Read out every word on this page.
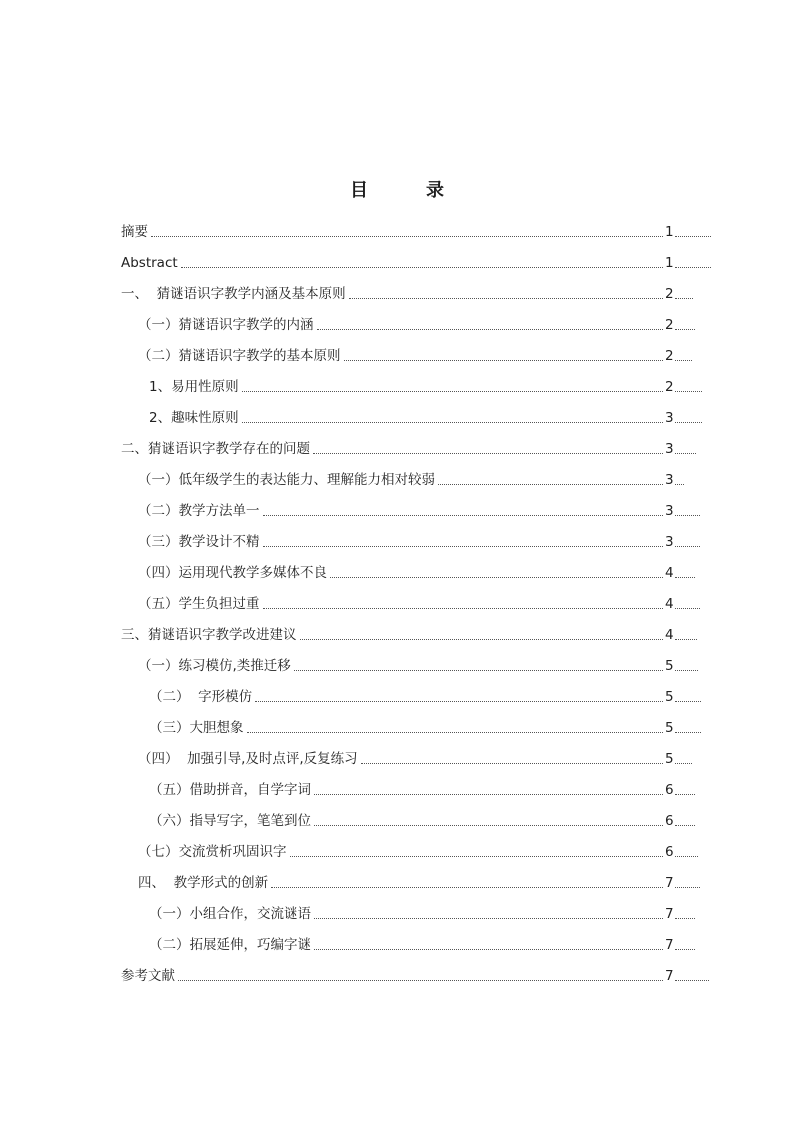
目　录
摘要	1
Abstract	1
一、  猜谜语识字教学内涵及基本原则	2
（一）猜谜语识字教学的内涵	2
（二）猜谜语识字教学的基本原则	2
1、易用性原则	2
2、趣味性原则	3
二、猜谜语识字教学存在的问题	3
（一）低年级学生的表达能力、理解能力相对较弱	3
（二）教学方法单一	3
（三）教学设计不精	3
（四）运用现代教学多媒体不良	4
（五）学生负担过重	4
三、猜谜语识字教学改进建议	4
（一）练习模仿,类推迁移	5
（二）  字形模仿	5
（三）大胆想象	5
（四）  加强引导,及时点评,反复练习	5
（五）借助拼音，自学字词	6
（六）指导写字，笔笔到位	6
（七）交流赏析巩固识字	6
四、  教学形式的创新	7
（一）小组合作，交流谜语	7
（二）拓展延伸，巧编字谜	7
参考文献	7
